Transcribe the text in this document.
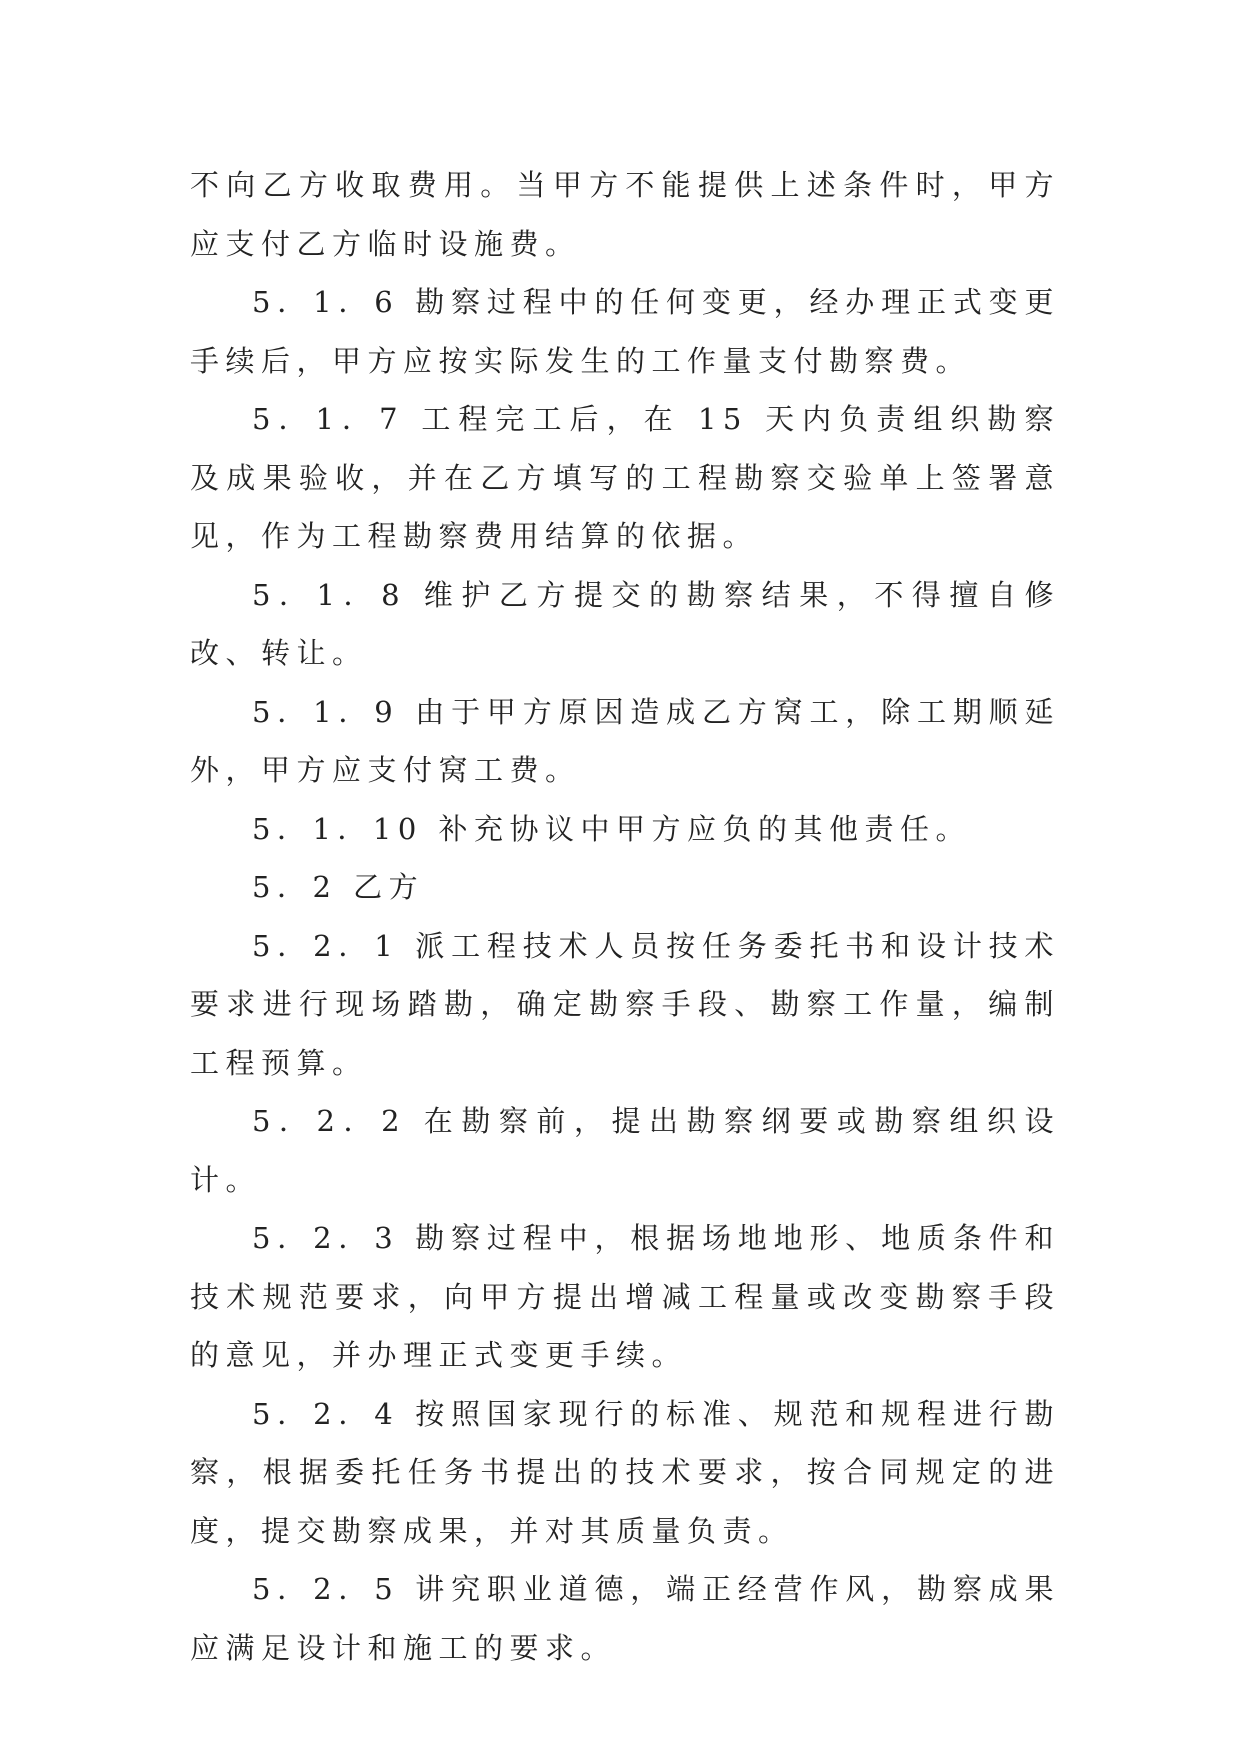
不向乙方收取费用。当甲方不能提供上述条件时，甲方应支付乙方临时设施费。

5．1．6 勘察过程中的任何变更，经办理正式变更手续后，甲方应按实际发生的工作量支付勘察费。

5．1．7 工程完工后，在 15 天内负责组织勘察及成果验收，并在乙方填写的工程勘察交验单上签署意见，作为工程勘察费用结算的依据。

5．1．8 维护乙方提交的勘察结果，不得擅自修改、转让。

5．1．9 由于甲方原因造成乙方窝工，除工期顺延外，甲方应支付窝工费。

5．1．10 补充协议中甲方应负的其他责任。

5．2 乙方

5．2．1 派工程技术人员按任务委托书和设计技术要求进行现场踏勘，确定勘察手段、勘察工作量，编制工程预算。

5．2．2 在勘察前，提出勘察纲要或勘察组织设计。

5．2．3 勘察过程中，根据场地地形、地质条件和技术规范要求，向甲方提出增减工程量或改变勘察手段的意见，并办理正式变更手续。

5．2．4 按照国家现行的标准、规范和规程进行勘察，根据委托任务书提出的技术要求，按合同规定的进度，提交勘察成果，并对其质量负责。

5．2．5 讲究职业道德，端正经营作风，勘察成果应满足设计和施工的要求。
